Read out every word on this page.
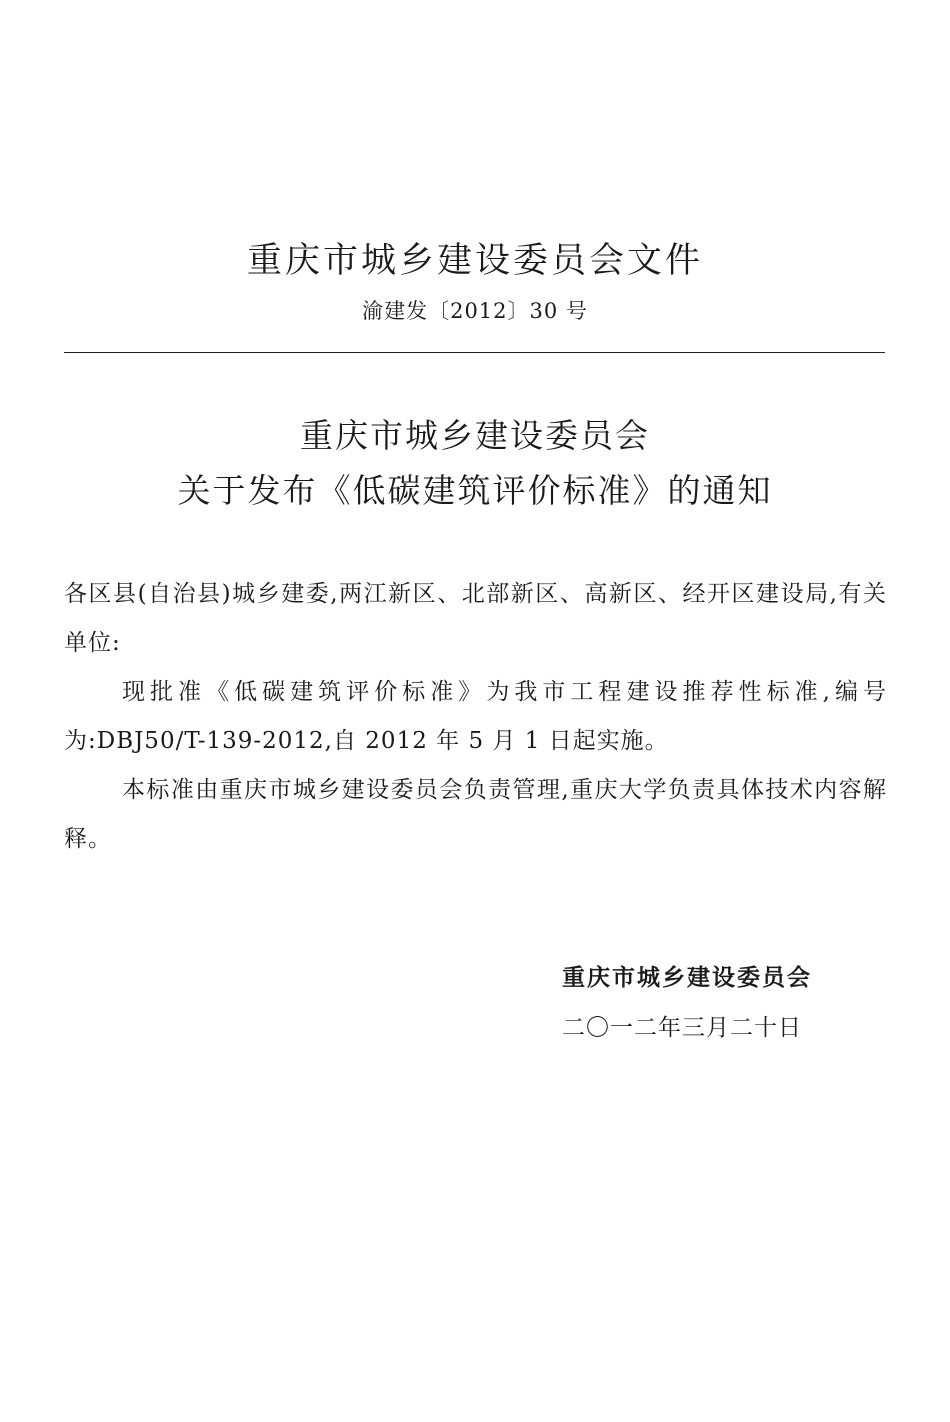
重庆市城乡建设委员会文件
渝建发〔2012〕30 号
重庆市城乡建设委员会
关于发布《低碳建筑评价标准》的通知

各区县(自治县)城乡建委,两江新区、北部新区、高新区、经开区建设局,有关单位:

现批准《低碳建筑评价标准》为我市工程建设推荐性标准,编号为:DBJ50/T-139-2012,自 2012 年 5 月 1 日起实施。

本标准由重庆市城乡建设委员会负责管理,重庆大学负责具体技术内容解释。

重庆市城乡建设委员会
二〇一二年三月二十日
